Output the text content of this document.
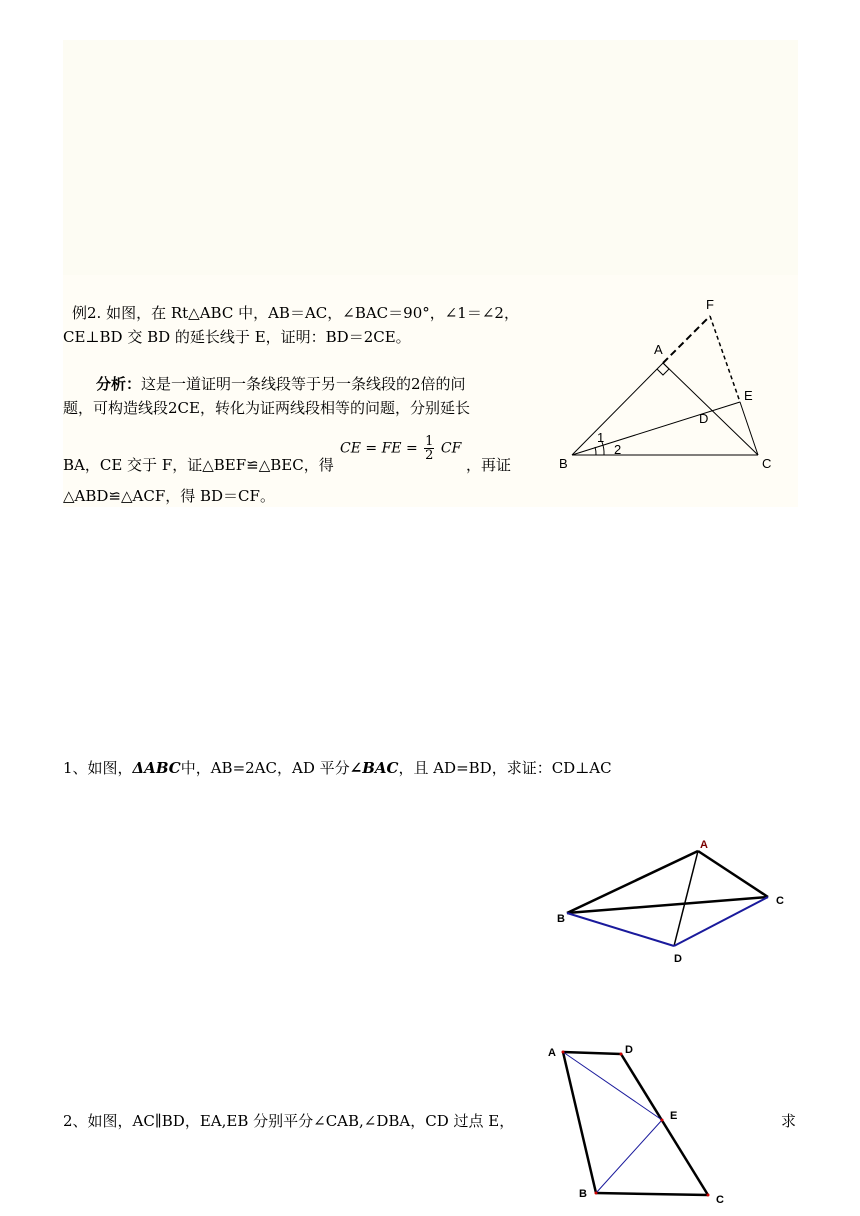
例2. 如图，在 Rt△ABC 中，AB＝AC，∠BAC＝90°，∠1＝∠2，
CE⊥BD 交 BD 的延长线于 E，证明：BD＝2CE。
分析：这是一道证明一条线段等于另一条线段的2倍的问
题，可构造线段2CE，转化为证两线段相等的问题，分别延长
BA，CE 交于 F，证△BEF≌△BEC，得
CE = FE = $\frac{1}{2}$ CF
，再证
△ABD≌△ACF，得 BD＝CF。
1、如图，ΔABC中，AB=2AC，AD 平分∠BAC，且 AD=BD，求证：CD⊥AC
2、如图，AC∥BD，EA,EB 分别平分∠CAB,∠DBA，CD 过点 E，	求
F
A
E
D
B	C
1
2
A
B
C
D
A	D
E
B	C
